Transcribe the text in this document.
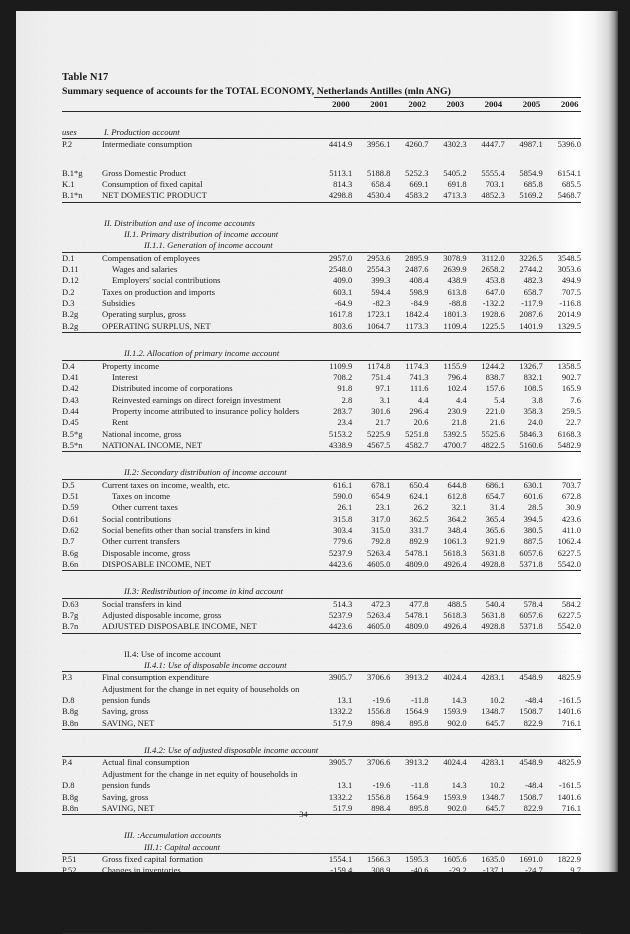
Table N17
Summary sequence of accounts for the TOTAL ECONOMY, Netherlands Antilles (mln ANG)
		2000	2001	2002	2003	2004	2005	2006

uses	I. Production account							
P.2	Intermediate consumption	4414.9	3956.1	4260.7	4302.3	4447.7	4987.1	5396.0

B.1*g	Gross Domestic Product	5113.1	5188.8	5252.3	5405.2	5555.4	5854.9	6154.1
K.1	Consumption of fixed capital	814.3	658.4	669.1	691.8	703.1	685.8	685.5
B.1*n	NET DOMESTIC PRODUCT	4298.8	4530.4	4583.2	4713.3	4852.3	5169.2	5468.7

	II. Distribution and use of income accounts							
	II.1. Primary distribution of income account							
	II.1.1. Generation of income account							
D.1	Compensation of employees	2957.0	2953.6	2895.9	3078.9	3112.0	3226.5	3548.5
D.11	Wages and salaries	2548.0	2554.3	2487.6	2639.9	2658.2	2744.2	3053.6
D.12	Employers' social contributions	409.0	399.3	408.4	438.9	453.8	482.3	494.9
D.2	Taxes on production and imports	603.1	594.4	598.9	613.8	647.0	658.7	707.5
D.3	Subsidies	-64.9	-82.3	-84.9	-88.8	-132.2	-117.9	-116.8
B.2g	Operating surplus, gross	1617.8	1723.1	1842.4	1801.3	1928.6	2087.6	2014.9
B.2g	OPERATING SURPLUS, NET	803.6	1064.7	1173.3	1109.4	1225.5	1401.9	1329.5

	II.1.2. Allocation of primary income account							
D.4	Property income	1109.9	1174.8	1174.3	1155.9	1244.2	1326.7	1358.5
D.41	Interest	708.2	751.4	741.3	796.4	838.7	832.1	902.7
D.42	Distributed income of corporations	91.8	97.1	111.6	102.4	157.6	108.5	165.9
D.43	Reinvested earnings on direct foreign investment	2.8	3.1	4.4	4.4	5.4	3.8	7.6
D.44	Property income attributed to insurance policy holders	283.7	301.6	296.4	230.9	221.0	358.3	259.5
D.45	Rent	23.4	21.7	20.6	21.8	21.6	24.0	22.7
B.5*g	National income, gross	5153.2	5225.9	5251.8	5392.5	5525.6	5846.3	6168.3
B.5*n	NATIONAL INCOME, NET	4338.9	4567.5	4582.7	4700.7	4822.5	5160.6	5482.9

	II.2: Secondary distribution of income account							
D.5	Current taxes on income, wealth, etc.	616.1	678.1	650.4	644.8	686.1	630.1	703.7
D.51	Taxes on income	590.0	654.9	624.1	612.8	654.7	601.6	672.8
D.59	Other current taxes	26.1	23.1	26.2	32.1	31.4	28.5	30.9
D.61	Social contributions	315.8	317.0	362.5	364.2	365.4	394.5	423.6
D.62	Social benefits other than social transfers in kind	303.4	315.0	331.7	348.4	365.6	380.5	411.0
D.7	Other current transfers	779.6	792.8	892.9	1061.3	921.9	887.5	1062.4
B.6g	Disposable income, gross	5237.9	5263.4	5478.1	5618.3	5631.8	6057.6	6227.5
B.6n	DISPOSABLE INCOME, NET	4423.6	4605.0	4809.0	4926.4	4928.8	5371.8	5542.0

	II.3: Redistribution of income in kind account							
D.63	Social transfers in kind	514.3	472.3	477.8	488.5	540.4	578.4	584.2
B.7g	Adjusted disposable income, gross	5237.9	5263.4	5478.1	5618.3	5631.8	6057.6	6227.5
B.7n	ADJUSTED DISPOSABLE INCOME, NET	4423.6	4605.0	4809.0	4926.4	4928.8	5371.8	5542.0

	II.4: Use of income account							
	II.4.1: Use of disposable income account							
P.3	Final consumption expenditure	3905.7	3706.6	3913.2	4024.4	4283.1	4548.9	4825.9
	Adjustment for the change in net equity of households on							
D.8	pension funds	13.1	-19.6	-11.8	14.3	10.2	-48.4	-161.5
B.8g	Saving, gross	1332.2	1556.8	1564.9	1593.9	1348.7	1508.7	1401.6
B.8n	SAVING, NET	517.9	898.4	895.8	902.0	645.7	822.9	716.1

	II.4.2: Use of adjusted disposable income account							
P.4	Actual final consumption	3905.7	3706.6	3913.2	4024.4	4283.1	4548.9	4825.9
	Adjustment for the change in net equity of households in							
D.8	pension funds	13.1	-19.6	-11.8	14.3	10.2	-48.4	-161.5
B.8g	Saving, gross	1332.2	1556.8	1564.9	1593.9	1348.7	1508.7	1401.6
B.8n	SAVING, NET	517.9	898.4	895.8	902.0	645.7	822.9	716.1

	III. :Accumulation accounts							
	III.1: Capital account							
P.51	Gross fixed capital formation	1554.1	1566.3	1595.3	1605.6	1635.0	1691.0	1822.9
P.52	Changes in inventories	-159.4	308.9	-40.6	-29.2	-137.1	-24.7	9.7
K.1	Consumption of fixed capital	-814.3	-658.4	-669.1	-691.8	-703.1	-685.8	-685.5
	Acquisitions less disposals of land and other tangible non-							
K.2	produced assets	4.9	47.9	6.7	16.0	-5.8	32.7	47.0
D.9	Capital transfers	292.6	277.9	254.2	268.5	245.4	244.3	249.9
B.9	NET LENDING (+) / NET BORROWING (-)	-5.9	-264.3	64.8	80.1	-6.1	15.4	-247.7
34
